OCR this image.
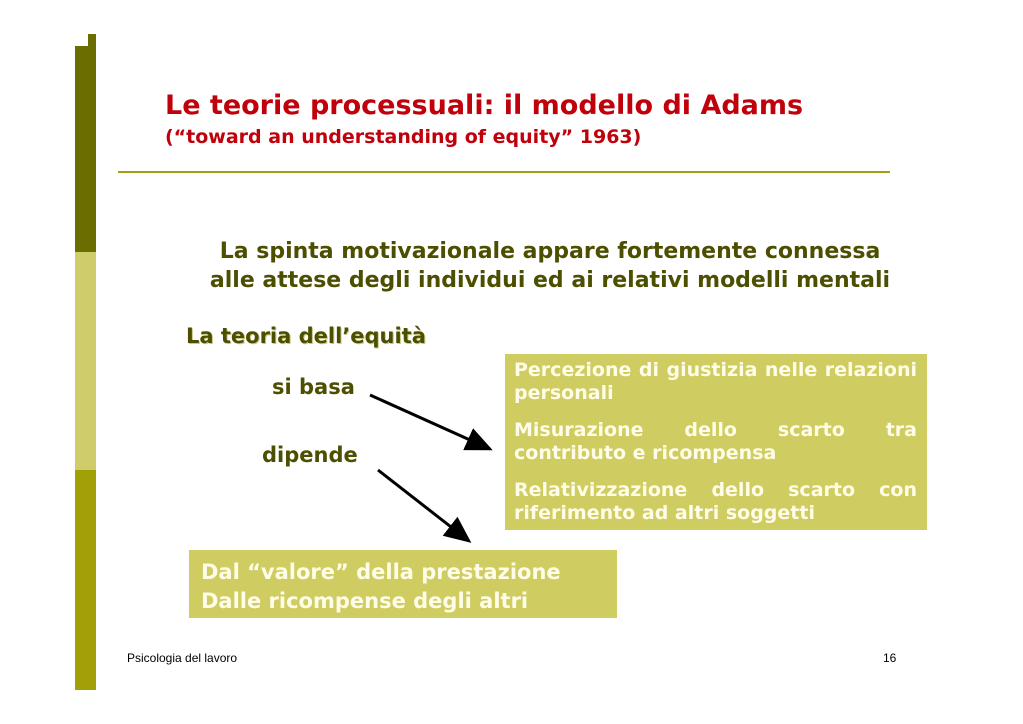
Le teorie processuali: il modello di Adams
(“toward an understanding of equity” 1963)
La spinta motivazionale appare fortemente connessa
alle attese degli individui ed ai relativi modelli mentali
La teoria dell’equità
si basa
dipende
Percezione di giustizia nelle relazioni personali
Misurazione dello scarto tra contributo e ricompensa
Relativizzazione dello scarto con riferimento ad altri soggetti
Dal “valore” della prestazione
Dalle ricompense degli altri
Psicologia del lavoro	16
